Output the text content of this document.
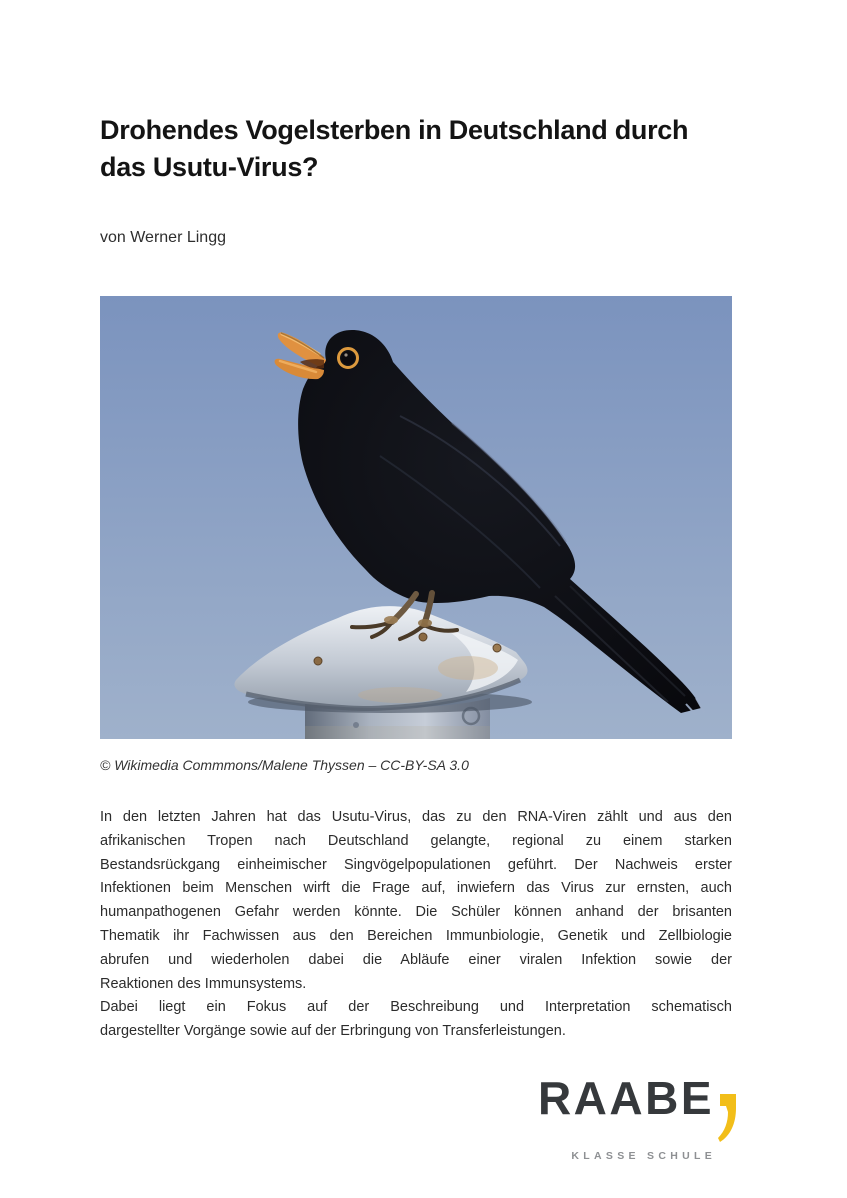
Drohendes Vogelsterben in Deutschland durch
das Usutu-Virus?
von Werner Lingg
© Wikimedia Commmons/Malene Thyssen – CC-BY-SA 3.0
In den letzten Jahren hat das Usutu-Virus, das zu den RNA-Viren zählt und aus den
afrikanischen Tropen nach Deutschland gelangte, regional zu einem starken
Bestandsrückgang einheimischer Singvögelpopulationen geführt. Der Nachweis erster
Infektionen beim Menschen wirft die Frage auf, inwiefern das Virus zur ernsten, auch
humanpathogenen Gefahr werden könnte. Die Schüler können anhand der brisanten
Thematik ihr Fachwissen aus den Bereichen Immunbiologie, Genetik und Zellbiologie
abrufen und wiederholen dabei die Abläufe einer viralen Infektion sowie der
Reaktionen des Immunsystems.
Dabei liegt ein Fokus auf der Beschreibung und Interpretation schematisch
dargestellter Vorgänge sowie auf der Erbringung von Transferleistungen.
RAABE
KLASSE SCHULE
